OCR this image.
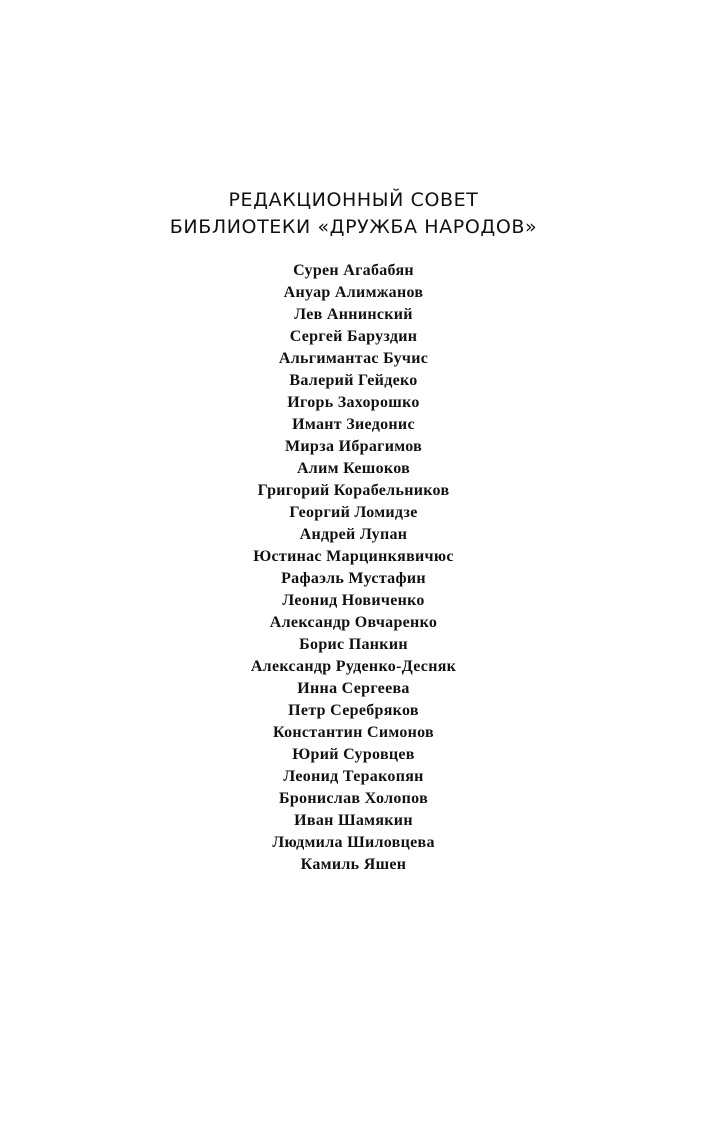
РЕДАКЦИОННЫЙ СОВЕТ
БИБЛИОТЕКИ «ДРУЖБА НАРОДОВ»
Сурен Агабабян
Ануар Алимжанов
Лев Аннинский
Сергей Баруздин
Альгимантас Бучис
Валерий Гейдеко
Игорь Захорошко
Имант Зиедонис
Мирза Ибрагимов
Алим Кешоков
Григорий Корабельников
Георгий Ломидзе
Андрей Лупан
Юстинас Марцинкявичюс
Рафаэль Мустафин
Леонид Новиченко
Александр Овчаренко
Борис Панкин
Александр Руденко-Десняк
Инна Сергеева
Петр Серебряков
Константин Симонов
Юрий Суровцев
Леонид Теракопян
Бронислав Холопов
Иван Шамякин
Людмила Шиловцева
Камиль Яшен
